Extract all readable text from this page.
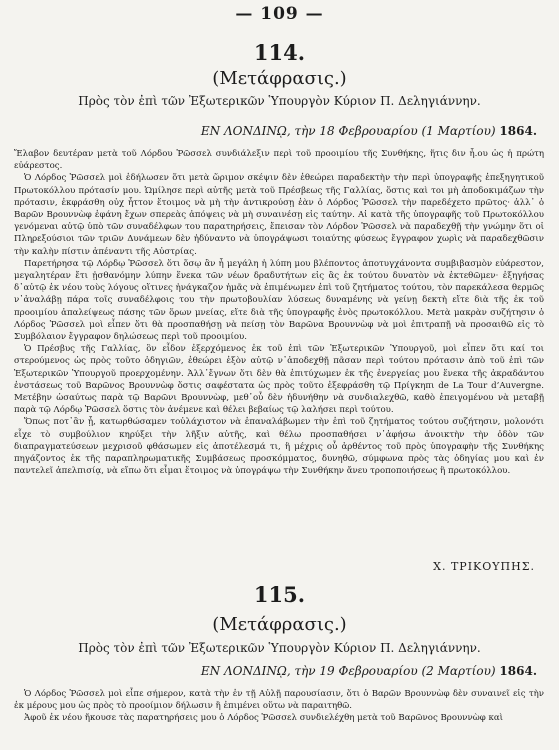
— 109 —
114.
(Μετάφρασις.)
Πρὸς τὸν ἐπὶ τῶν Ἐξωτερικῶν Ὑπουργὸν Κύριον Π. Δεληγιάννην.
ΕΝ ΛΟΝΔΙΝῼ, τὴν 18 Φεβρουαρίου (1 Μαρτίου) 1864.

Ἔλαβον δευτέραν μετὰ τοῦ Λόρδου Ῥῶσσελ συνδιάλεξιν περὶ τοῦ προοιμίου τῆς Συνθήκης, ἥτις διν ἦ.ου ὡς ἡ πρώτη εὐάρεστος.

Ὁ Λόρδος Ῥῶσσελ μοὶ ἐδήλωσεν ὅτι μετὰ ὥριμον σκέψιν δὲν ἐθεώρει παραδεκτὴν τὴν περὶ ὑπογραφῆς ἐπεξηγητικοῦ Πρωτοκόλλου πρότασίν μου. Ὡμίλησε περὶ αὐτῆς μετὰ τοῦ Πρέσβεως τῆς Γαλλίας, ὅστις καὶ τοι μὴ ἀποδοκιμάζων τὴν πρότασιν, ἐκφράσθη οὐχ ἧττον ἕτοιμος νὰ μὴ τὴν ἀντικρούσῃ ἐὰν ὁ Λόρδος Ῥῶσσελ τὴν παρεδέχετο πρῶτος· ἀλλ᾽ ὁ Βαρῶν Βρουννὼφ ἐφάνη ἔχων σπερεὰς ἀπόψεις νὰ μὴ συναινέσῃ εἰς ταύτην. Αἱ κατὰ τῆς ὑπογραφῆς τοῦ Πρωτοκόλλου γενόμεναι αὐτῷ ὑπὸ τῶν συναδέλφων του παρατηρήσεις, ἔπεισαν τὸν Λόρδον Ῥῶσσελ νὰ παραδεχθῇ τὴν γνώμην ὅτι οἱ Πληρεξούσιοι τῶν τριῶν Δυνάμεων δὲν ἠδύναντο νὰ ὑπογράψωσι τοιαύτης φύσεως ἔγγραφον χωρὶς νὰ παραδεχθῶσιν τὴν καλὴν πίστιν ἀπέναντι τῆς Αὐστρίας.

Παρετήρησα τῷ Λόρδῳ Ῥῶσσελ ὅτι ὅσῳ ἂν ἦ μεγάλη ἡ λύπη μου βλέποντος ἀποτυγχάνοντα συμβιβασμὸν εὐάρεστον, μεγαλητέραν ἔτι ᾐσθανόμην λύπην ἕνεκα τῶν νέων δραδυτήτων εἰς ἃς ἐκ τούτου δυνατὸν νὰ ἐκτεθῶμεν· ἐξηγήσας δ᾽αὐτῷ ἐκ νέου τοὺς λόγους οἵτινες ἠνάγκαζον ἡμᾶς νὰ ἐπιμένωμεν ἐπὶ τοῦ ζητήματος τούτου, τὸν παρεκάλεσα θερμῶς ν᾽ἀναλάβῃ πάρα τοῖς συναδέλφοις του τὴν πρωτοβουλίαν λύσεως δυναμένης νὰ γείνῃ δεκτὴ εἴτε διὰ τῆς ἐκ τοῦ προοιμίου ἀπαλείψεως πάσης τῶν ὅρων μνείας, εἴτε διὰ τῆς ὑπογραφῆς ἑνὸς πρωτοκόλλου. Μετὰ μακρὰν συζήτησιν ὁ Λόρδος Ῥῶσσελ μοὶ εἶπεν ὅτι θὰ προσπαθήσῃ νὰ πείσῃ τὸν Βαρῶνα Βρουννὼφ νὰ μοὶ ἐπιτραπῇ νὰ προσαιθῶ εἰς τὸ Συμβόλαιον ἔγγραφον δηλώσεως περὶ τοῦ προοιμίου.

Ὁ Πρέσβυς τῆς Γαλλίας, ὃν εἶδον ἐξερχόμενος ἐκ τοῦ ἐπὶ τῶν Ἐξωτερικῶν Ὑπουργοῦ, μοὶ εἶπεν ὅτι καί τοι στερούμενος ὡς πρὸς τοῦτο ὁδηγιῶν, ἐθεώρει ἐξὸν αὐτῷ ν᾽ἀποδεχθῇ πᾶσαν περὶ τούτου πρότασιν ἀπὸ τοῦ ἐπὶ τῶν Ἐξωτερικῶν Ὑπουργοῦ προερχομένην. Ἀλλ᾽ἔγνων ὅτι δὲν θὰ ἐπιτύχωμεν ἐκ τῆς ἐνεργείας μου ἕνεκα τῆς ἀκραδάντου ἐνστάσεως τοῦ Βαρῶνος Βρουννὼφ ὅστις σαφέστατα ὡς πρὸς τοῦτο ἐξεφράσθη τῷ Πρίγκηπι de La Tour d’Auvergne. Μετέβην ὡσαύτως παρὰ τῷ Βαρῶνι Βρουννὼφ, μεθ᾽οὗ δὲν ἠδυνήθην νὰ συνδιαλεχθῶ, καθὸ ἐπειγομένου νὰ μεταβῇ παρὰ τῷ Λόρδῳ Ῥῶσσελ ὅστις τὸν ἀνέμενε καὶ θέλει βεβαίως τῷ λαλήσει περὶ τούτου.

Ὅπως ποτ᾽ἂν ᾖ, κατωρθώσαμεν τοὐλάχιστον νὰ ἐπαναλάβωμεν τὴν ἐπὶ τοῦ ζητήματος τούτου συζήτησιν, μολονότι εἶχε τὸ συμβούλιον κηρύξει τὴν λῆξιν αὐτῆς, καὶ θέλω προσπαθήσει ν᾽ἀφήσω ἀνοικτὴν τὴν ὁδὸν τῶν διαπραγματεύσεων μεχρισοῦ φθάσωμεν εἰς ἀποτέλεσμά τι, ἢ μέχρις οὗ ἀρθέντος τοῦ πρὸς ὑπογραφὴν τῆς Συνθήκης πηγάζοντος ἐκ τῆς παραπληρωματικῆς Συμβάσεως προσκόμματος, δυνηθῶ, σύμφωνα πρὸς τὰς ὁδηγίας μου καὶ ἐν παντελεῖ ἀπελπισίᾳ, νὰ εἴπω ὅτι εἶμαι ἕτοιμος νὰ ὑπογράψω τὴν Συνθήκην ἄνευ τροποποιήσεως ἢ πρωτοκόλλου.

Χ. ΤΡΙΚΟΥΠΗΣ.
115.
(Μετάφρασις.)
Πρὸς τὸν ἐπὶ τῶν Ἐξωτερικῶν Ὑπουργὸν Κύριον Π. Δεληγιάννην.
ΕΝ ΛΟΝΔΙΝῼ, τὴν 19 Φεβρουαρίου (2 Μαρτίου) 1864.

Ὁ Λόρδος Ῥῶσσελ μοὶ εἶπε σήμερον, κατὰ τὴν ἐν τῇ Αὐλῇ παρουσίασιν, ὅτι ὁ Βαρῶν Βρουννὼφ δὲν συναινεῖ εἰς τὴν ἐκ μέρους μου ὡς πρὸς τὸ προοίμιον δήλωσιν ἢ ἐπιμένει οὕτω νὰ παραιτηθῶ.

Ἀφοῦ ἐκ νέου ἤκουσε τὰς παρατηρήσεις μου ὁ Λόρδος Ῥῶσσελ συνδιελέχθη μετὰ τοῦ Βαρῶνος Βρουννὼφ καὶ
